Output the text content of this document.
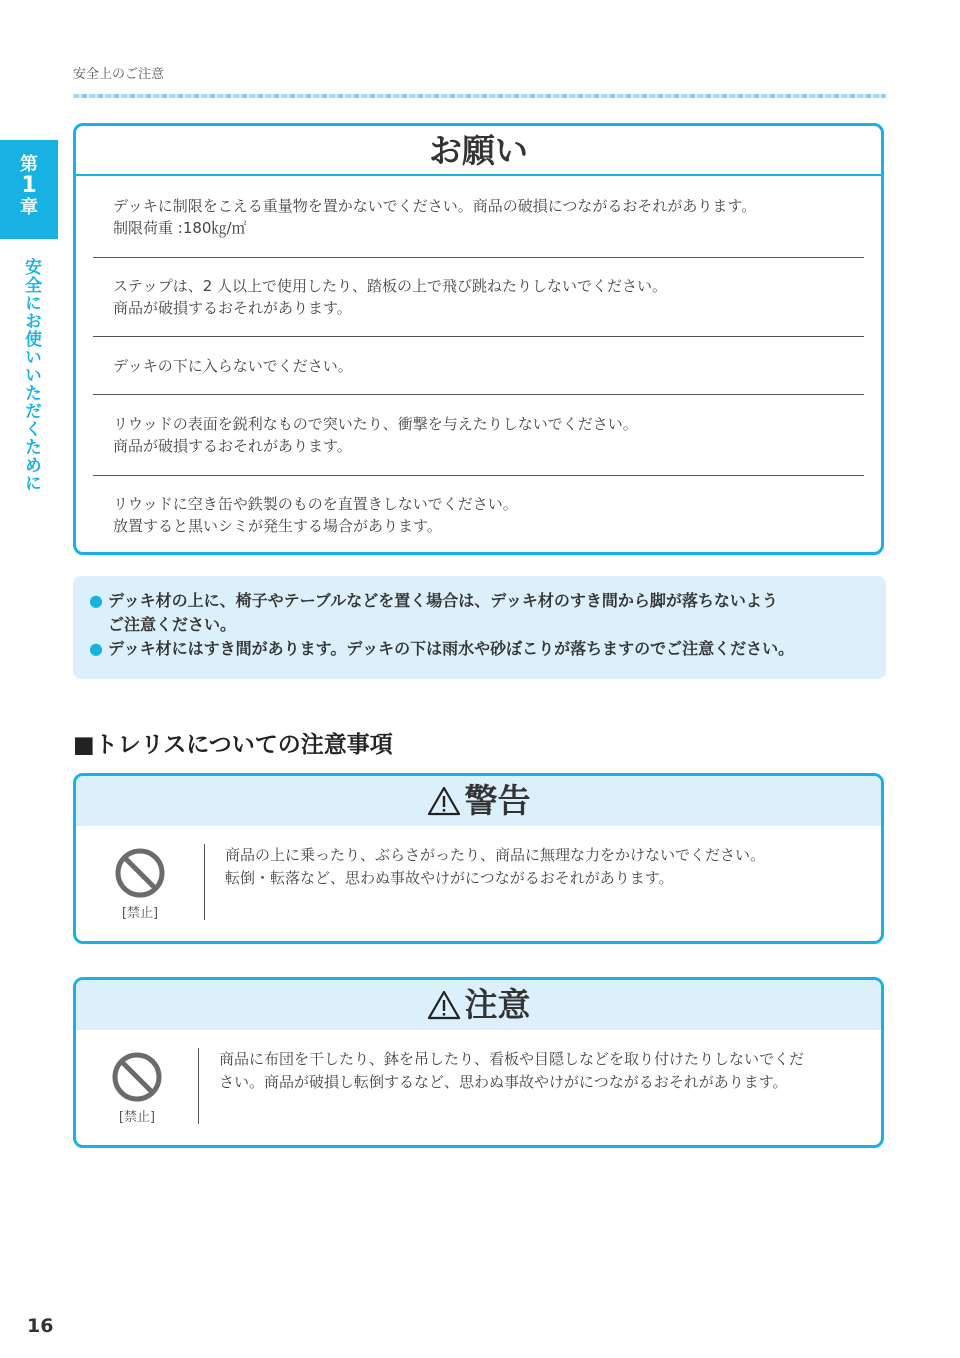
安全上のご注意
第
1
章
安全にお使いいただくために
お願い

デッキに制限をこえる重量物を置かないでください。商品の破損につながるおそれがあります。

制限荷重 :180㎏/㎡

ステップは、2 人以上で使用したり、踏板の上で飛び跳ねたりしないでください。

商品が破損するおそれがあります。

デッキの下に入らないでください。

リウッドの表面を鋭利なもので突いたり、衝撃を与えたりしないでください。

商品が破損するおそれがあります。

リウッドに空き缶や鉄製のものを直置きしないでください。

放置すると黒いシミが発生する場合があります。

● デッキ材の上に、椅子やテーブルなどを置く場合は、デッキ材のすき間から脚が落ちないよう
ご注意ください。
● デッキ材にはすき間があります。デッキの下は雨水や砂ぼこりが落ちますのでご注意ください。
■トレリスについての注意事項
警告
[禁止]

商品の上に乗ったり、ぶらさがったり、商品に無理な力をかけないでください。

転倒・転落など、思わぬ事故やけがにつながるおそれがあります。

注意
[禁止]

商品に布団を干したり、鉢を吊したり、看板や目隠しなどを取り付けたりしないでくだ

さい。商品が破損し転倒するなど、思わぬ事故やけがにつながるおそれがあります。

16
